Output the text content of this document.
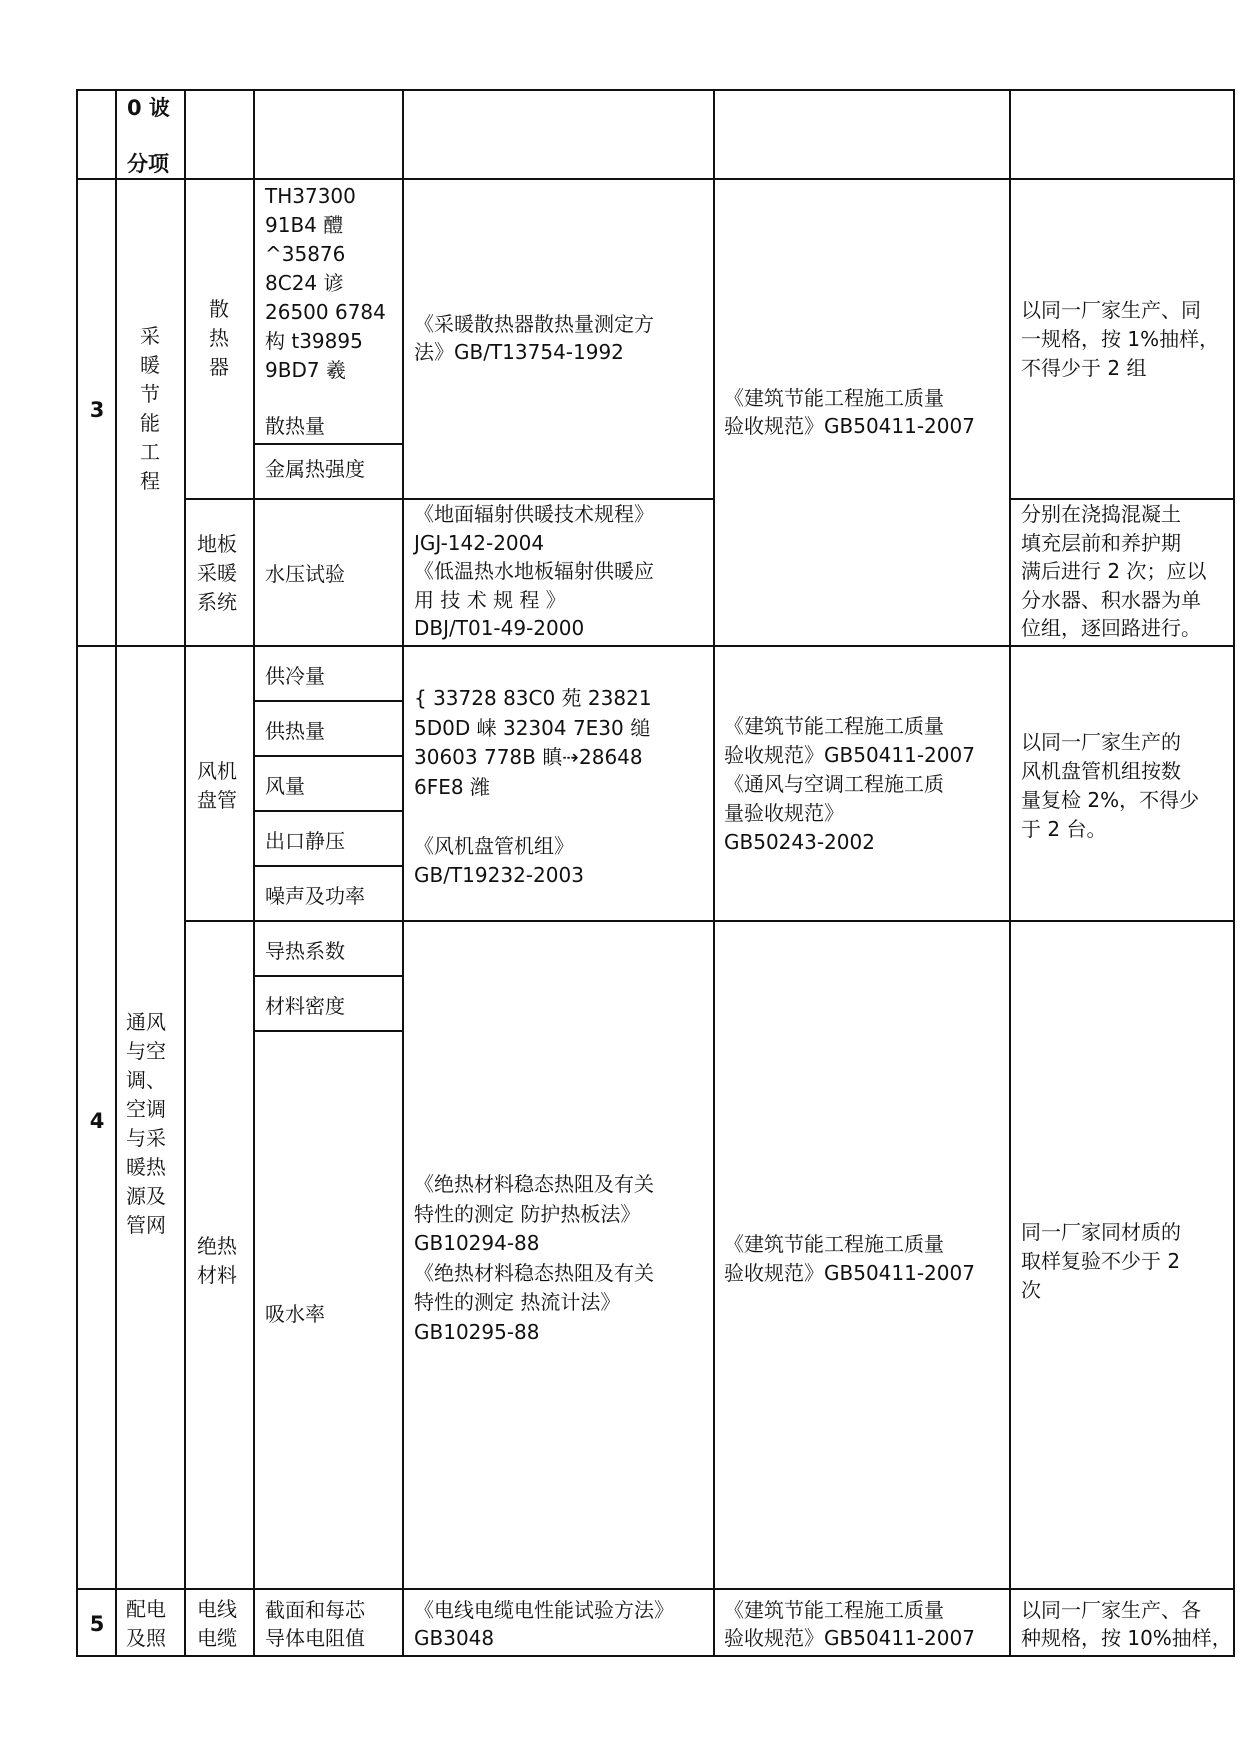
0 诐
分项
3
采暖节能工程
散热器
TH37300
91B4 醴
^35876
8C24 谚
26500 6784
构 t39895
9BD7 羲
散热量
金属热强度
《采暖散热器散热量测定方
法》GB/T13754-1992
《建筑节能工程施工质量
验收规范》GB50411-2007
以同一厂家生产、同
一规格，按 1%抽样，
不得少于 2 组
地板采暖系统
水压试验
《地面辐射供暖技术规程》
JGJ-142-2004
《低温热水地板辐射供暖应
用 技 术 规 程 》
DBJ/T01-49-2000
分别在浇捣混凝土
填充层前和养护期
满后进行 2 次；应以
分水器、积水器为单
位组，逐回路进行。
4
通风与空调、空调与采暖热源及管网
风机盘管
供冷量
供热量
风量
出口静压
噪声及功率
{ 33728 83C0 苑 23821
5D0D 崃 32304 7E30 缒
30603 778B 瞋⇢28648
6FE8 潍

《风机盘管机组》
GB/T19232-2003
《建筑节能工程施工质量
验收规范》GB50411-2007
《通风与空调工程施工质
量验收规范》
GB50243-2002
以同一厂家生产的
风机盘管机组按数
量复检 2%，不得少
于 2 台。
绝热材料
导热系数
材料密度
吸水率
《绝热材料稳态热阻及有关
特性的测定 防护热板法》
GB10294-88
《绝热材料稳态热阻及有关
特性的测定 热流计法》
GB10295-88
《建筑节能工程施工质量
验收规范》GB50411-2007
同一厂家同材质的
取样复验不少于 2
次
5
配电及照
电线电缆
截面和每芯
导体电阻值
《电线电缆电性能试验方法》
GB3048
《建筑节能工程施工质量
验收规范》GB50411-2007
以同一厂家生产、各
种规格，按 10%抽样，
